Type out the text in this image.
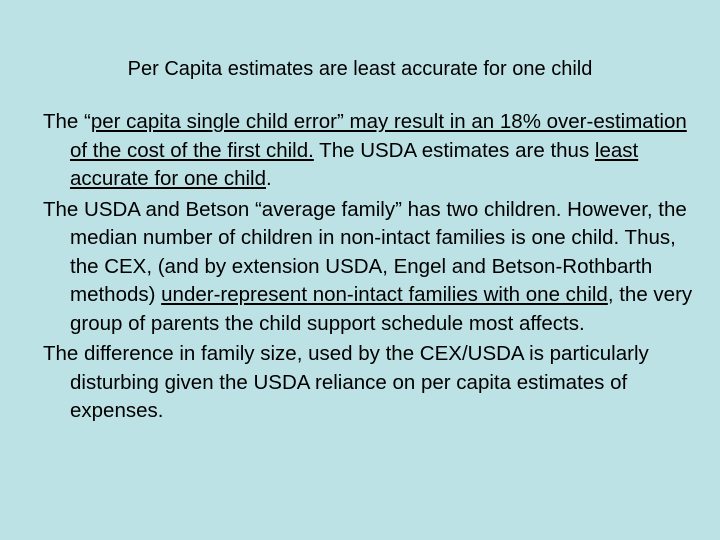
Per Capita estimates are least accurate for one child

The “per capita single child error” may result in an 18% over-estimation of the cost of the first child. The USDA estimates are thus least accurate for one child.

The USDA and Betson “average family” has two children. However, the median number of children in non-intact families is one child. Thus, the CEX, (and by extension USDA, Engel and Betson-Rothbarth methods) under-represent non-intact families with one child, the very group of parents the child support schedule most affects.

The difference in family size, used by the CEX/USDA is particularly disturbing given the USDA reliance on per capita estimates of expenses.
